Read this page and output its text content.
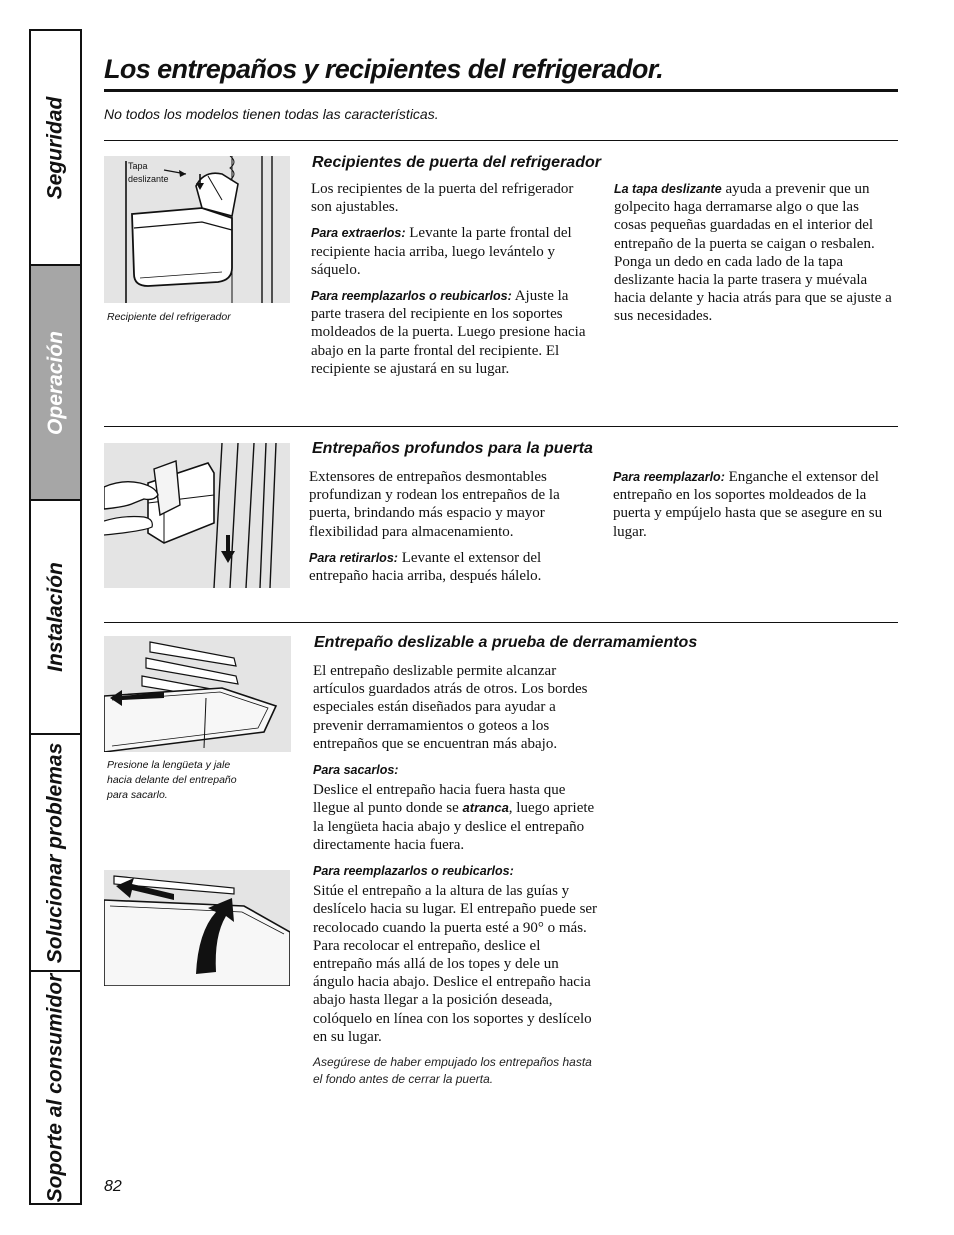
Seguridad
Operación
Instalación
Solucionar problemas
Soporte al consumidor
Los entrepaños y recipientes del refrigerador.
No todos los modelos tienen todas las características.
Tapa deslizante
Recipiente del refrigerador
Recipientes de puerta del refrigerador

Los recipientes de la puerta del refrigerador son ajustables.

Para extraerlos: Levante la parte frontal del recipiente hacia arriba, luego levántelo y sáquelo.

Para reemplazarlos o reubicarlos: Ajuste la parte trasera del recipiente en los soportes moldeados de la puerta. Luego presione hacia abajo en la parte frontal del recipiente. El recipiente se ajustará en su lugar.

La tapa deslizante ayuda a prevenir que un golpecito haga derramarse algo o que las cosas pequeñas guardadas en el interior del entrepaño de la puerta se caigan o resbalen. Ponga un dedo en cada lado de la tapa deslizante hacia la parte trasera y muévala hacia delante y hacia atrás para que se ajuste a sus necesidades.

Entrepaños profundos para la puerta

Extensores de entrepaños desmontables profundizan y rodean los entrepaños de la puerta, brindando más espacio y mayor flexibilidad para almacenamiento.

Para retirarlos: Levante el extensor del entrepaño hacia arriba, después hálelo.

Para reemplazarlo: Enganche el extensor del entrepaño en los soportes moldeados de la puerta y empújelo hasta que se asegure en su lugar.

Presione la lengüeta y jale hacia delante del entrepaño para sacarlo.
Entrepaño deslizable a prueba de derramamientos

El entrepaño deslizable permite alcanzar artículos guardados atrás de otros. Los bordes especiales están diseñados para ayudar a prevenir derramamientos o goteos a los entrepaños que se encuentran más abajo.

Para sacarlos:
Deslice el entrepaño hacia fuera hasta que llegue al punto donde se atranca, luego apriete la lengüeta hacia abajo y deslice el entrepaño directamente hacia fuera.

Para reemplazarlos o reubicarlos:
Sitúe el entrepaño a la altura de las guías y deslícelo hacia su lugar. El entrepaño puede ser recolocado cuando la puerta esté a 90° o más. Para recolocar el entrepaño, deslice el entrepaño más allá de los topes y dele un ángulo hacia abajo. Deslice el entrepaño hacia abajo hasta llegar a la posición deseada, colóquelo en línea con los soportes y deslícelo en su lugar.

Asegúrese de haber empujado los entrepaños hasta el fondo antes de cerrar la puerta.

82
